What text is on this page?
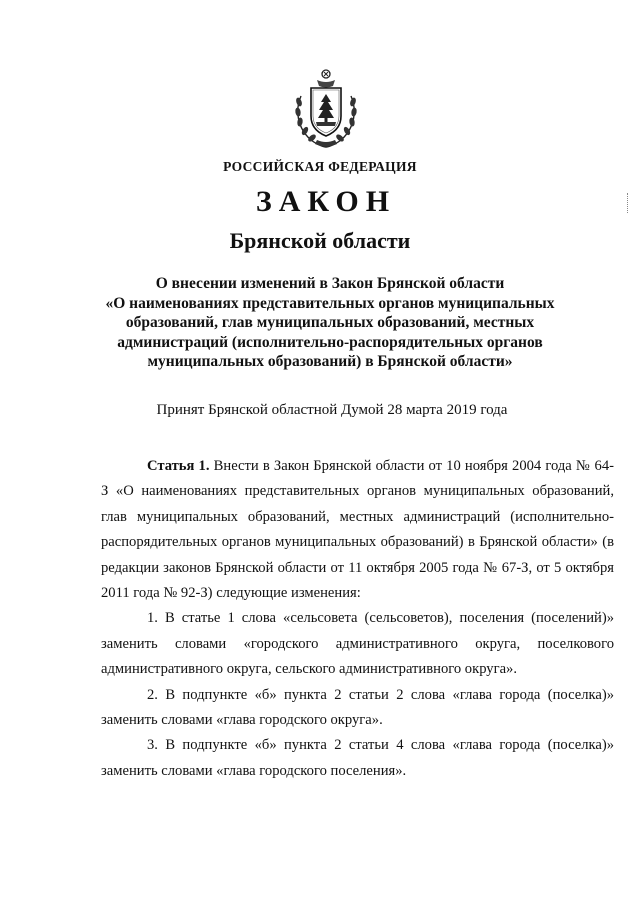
РОССИЙСКАЯ ФЕДЕРАЦИЯ
ЗАКОН
Брянской области
О внесении изменений в Закон Брянской области
«О наименованиях представительных органов муниципальных образований, глав муниципальных образований, местных администраций (исполнительно-распорядительных органов муниципальных образований) в Брянской области»
Принят Брянской областной Думой 28 марта 2019 года

Статья 1. Внести в Закон Брянской области от 10 ноября 2004 года № 64-З «О наименованиях представительных органов муниципальных образований, глав муниципальных образований, местных администраций (исполнительно-распорядительных органов муниципальных образований) в Брянской области» (в редакции законов Брянской области от 11 октября 2005 года № 67-З, от 5 октября 2011 года № 92-З) следующие изменения:

1. В статье 1 слова «сельсовета (сельсоветов), поселения (поселений)» заменить словами «городского административного округа, поселкового административного округа, сельского административного округа».

2. В подпункте «б» пункта 2 статьи 2 слова «глава города (поселка)» заменить словами «глава городского округа».

3. В подпункте «б» пункта 2 статьи 4 слова «глава города (поселка)» заменить словами «глава городского поселения».
